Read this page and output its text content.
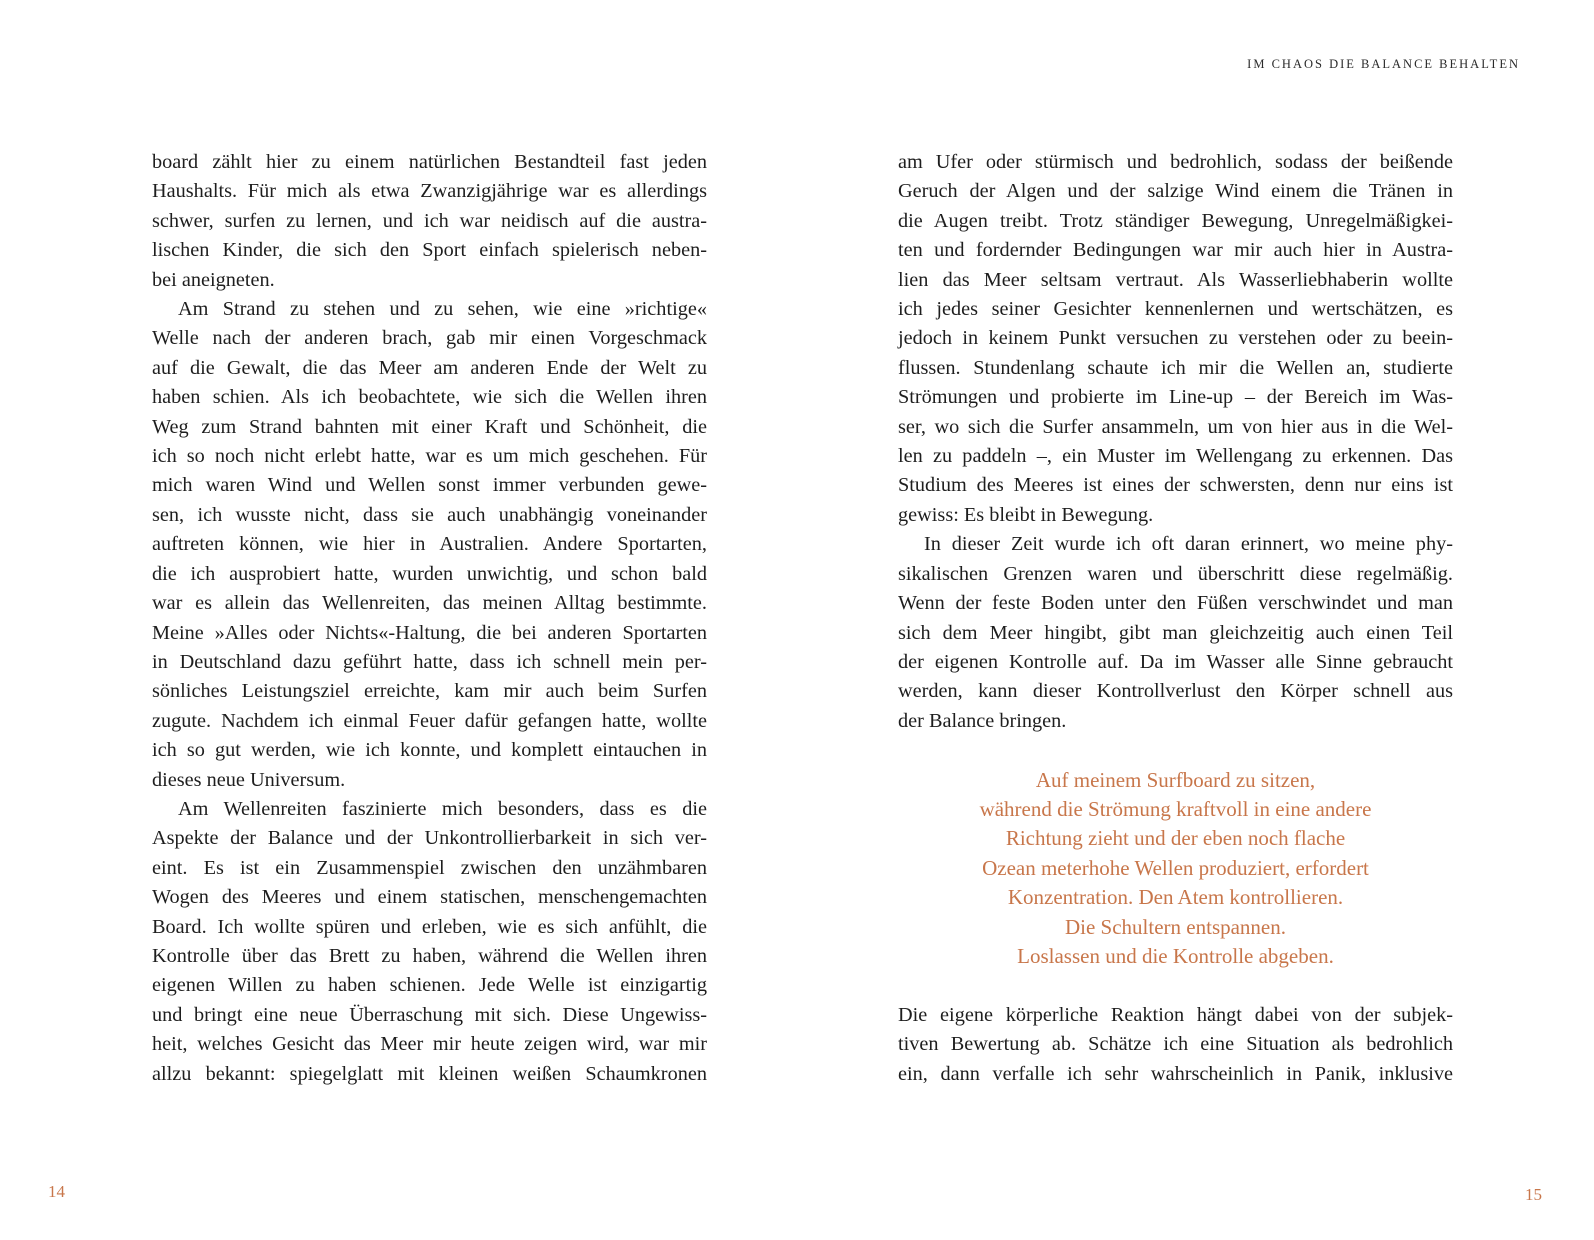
IM CHAOS DIE BALANCE BEHALTEN

board zählt hier zu einem natürlichen Bestandteil fast jeden

Haushalts. Für mich als etwa Zwanzigjährige war es allerdings

schwer, surfen zu lernen, und ich war neidisch auf die austra-

lischen Kinder, die sich den Sport einfach spielerisch neben-

bei aneigneten.

Am Strand zu stehen und zu sehen, wie eine »richtige«

Welle nach der anderen brach, gab mir einen Vorgeschmack

auf die Gewalt, die das Meer am anderen Ende der Welt zu

haben schien. Als ich beobachtete, wie sich die Wellen ihren

Weg zum Strand bahnten mit einer Kraft und Schönheit, die

ich so noch nicht erlebt hatte, war es um mich geschehen. Für

mich waren Wind und Wellen sonst immer verbunden gewe-

sen, ich wusste nicht, dass sie auch unabhängig voneinander

auftreten können, wie hier in Australien. Andere Sportarten,

die ich ausprobiert hatte, wurden unwichtig, und schon bald

war es allein das Wellenreiten, das meinen Alltag bestimmte.

Meine »Alles oder Nichts«-Haltung, die bei anderen Sportarten

in Deutschland dazu geführt hatte, dass ich schnell mein per-

sönliches Leistungsziel erreichte, kam mir auch beim Surfen

zugute. Nachdem ich einmal Feuer dafür gefangen hatte, wollte

ich so gut werden, wie ich konnte, und komplett eintauchen in

dieses neue Universum.

Am Wellenreiten faszinierte mich besonders, dass es die

Aspekte der Balance und der Unkontrollierbarkeit in sich ver-

eint. Es ist ein Zusammenspiel zwischen den unzähmbaren

Wogen des Meeres und einem statischen, menschengemachten

Board. Ich wollte spüren und erleben, wie es sich anfühlt, die

Kontrolle über das Brett zu haben, während die Wellen ihren

eigenen Willen zu haben schienen. Jede Welle ist einzigartig

und bringt eine neue Überraschung mit sich. Diese Ungewiss-

heit, welches Gesicht das Meer mir heute zeigen wird, war mir

allzu bekannt: spiegelglatt mit kleinen weißen Schaumkronen

am Ufer oder stürmisch und bedrohlich, sodass der beißende

Geruch der Algen und der salzige Wind einem die Tränen in

die Augen treibt. Trotz ständiger Bewegung, Unregelmäßigkei-

ten und fordernder Bedingungen war mir auch hier in Austra-

lien das Meer seltsam vertraut. Als Wasserliebhaberin wollte

ich jedes seiner Gesichter kennenlernen und wertschätzen, es

jedoch in keinem Punkt versuchen zu verstehen oder zu beein-

flussen. Stundenlang schaute ich mir die Wellen an, studierte

Strömungen und probierte im Line-up – der Bereich im Was-

ser, wo sich die Surfer ansammeln, um von hier aus in die Wel-

len zu paddeln –, ein Muster im Wellengang zu erkennen. Das

Studium des Meeres ist eines der schwersten, denn nur eins ist

gewiss: Es bleibt in Bewegung.

In dieser Zeit wurde ich oft daran erinnert, wo meine phy-

sikalischen Grenzen waren und überschritt diese regelmäßig.

Wenn der feste Boden unter den Füßen verschwindet und man

sich dem Meer hingibt, gibt man gleichzeitig auch einen Teil

der eigenen Kontrolle auf. Da im Wasser alle Sinne gebraucht

werden, kann dieser Kontrollverlust den Körper schnell aus

der Balance bringen.

Auf meinem Surfboard zu sitzen,

während die Strömung kraftvoll in eine andere

Richtung zieht und der eben noch flache

Ozean meterhohe Wellen produziert, erfordert

Konzentration. Den Atem kontrollieren.

Die Schultern entspannen.

Loslassen und die Kontrolle abgeben.

Die eigene körperliche Reaktion hängt dabei von der subjek-

tiven Bewertung ab. Schätze ich eine Situation als bedrohlich

ein, dann verfalle ich sehr wahrscheinlich in Panik, inklusive

14	15
